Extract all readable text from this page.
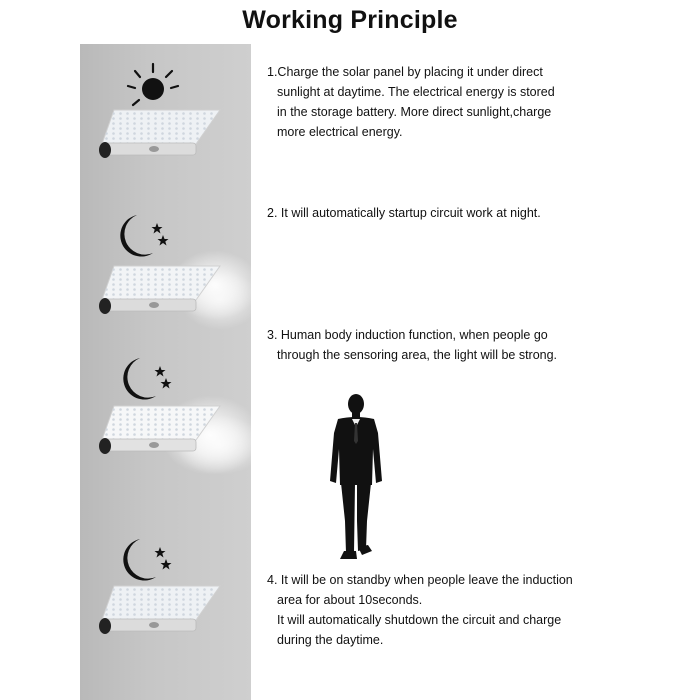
Working Principle

1.Charge the solar panel by placing it under direct

sunlight at daytime. The electrical energy is stored

in the storage battery. More direct sunlight,charge

more electrical energy.

2. It will automatically startup circuit work at night.

3. Human body induction function, when people go

through the sensoring area, the light will be strong.

4. It will be on standby when people leave the induction

area for about 10seconds.

It will automatically shutdown the circuit and charge

during the daytime.
